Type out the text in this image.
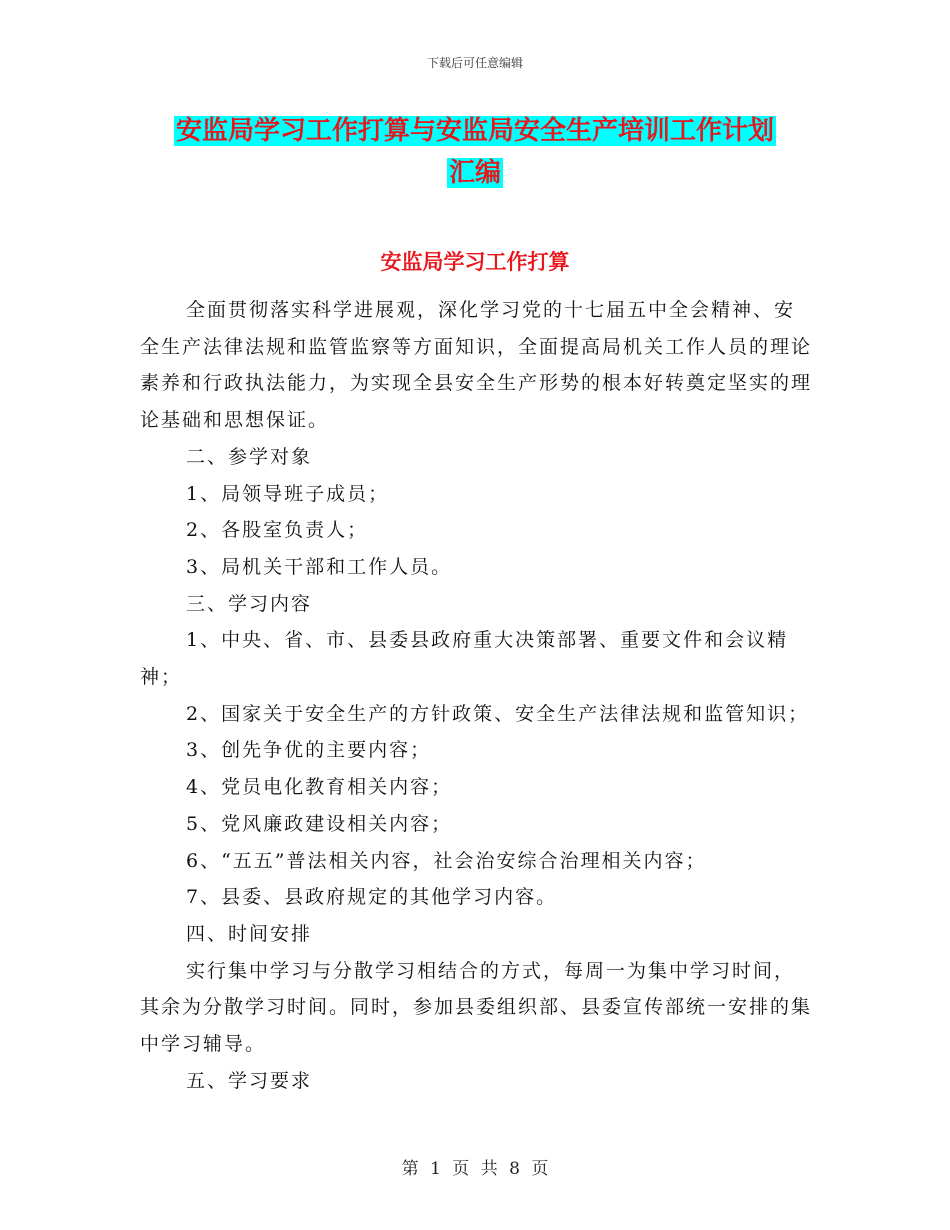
下载后可任意编辑
安监局学习工作打算与安监局安全生产培训工作计划
汇编
安监局学习工作打算

全面贯彻落实科学进展观，深化学习党的十七届五中全会精神、安全生产法律法规和监管监察等方面知识，全面提高局机关工作人员的理论素养和行政执法能力，为实现全县安全生产形势的根本好转奠定坚实的理论基础和思想保证。

二、参学对象

1、局领导班子成员；

2、各股室负责人；

3、局机关干部和工作人员。

三、学习内容

1、中央、省、市、县委县政府重大决策部署、重要文件和会议精神；

2、国家关于安全生产的方针政策、安全生产法律法规和监管知识；

3、创先争优的主要内容；

4、党员电化教育相关内容；

5、党风廉政建设相关内容；

6、“五五”普法相关内容，社会治安综合治理相关内容；

7、县委、县政府规定的其他学习内容。

四、时间安排

实行集中学习与分散学习相结合的方式，每周一为集中学习时间，其余为分散学习时间。同时，参加县委组织部、县委宣传部统一安排的集中学习辅导。

五、学习要求

第 1 页 共 8 页
